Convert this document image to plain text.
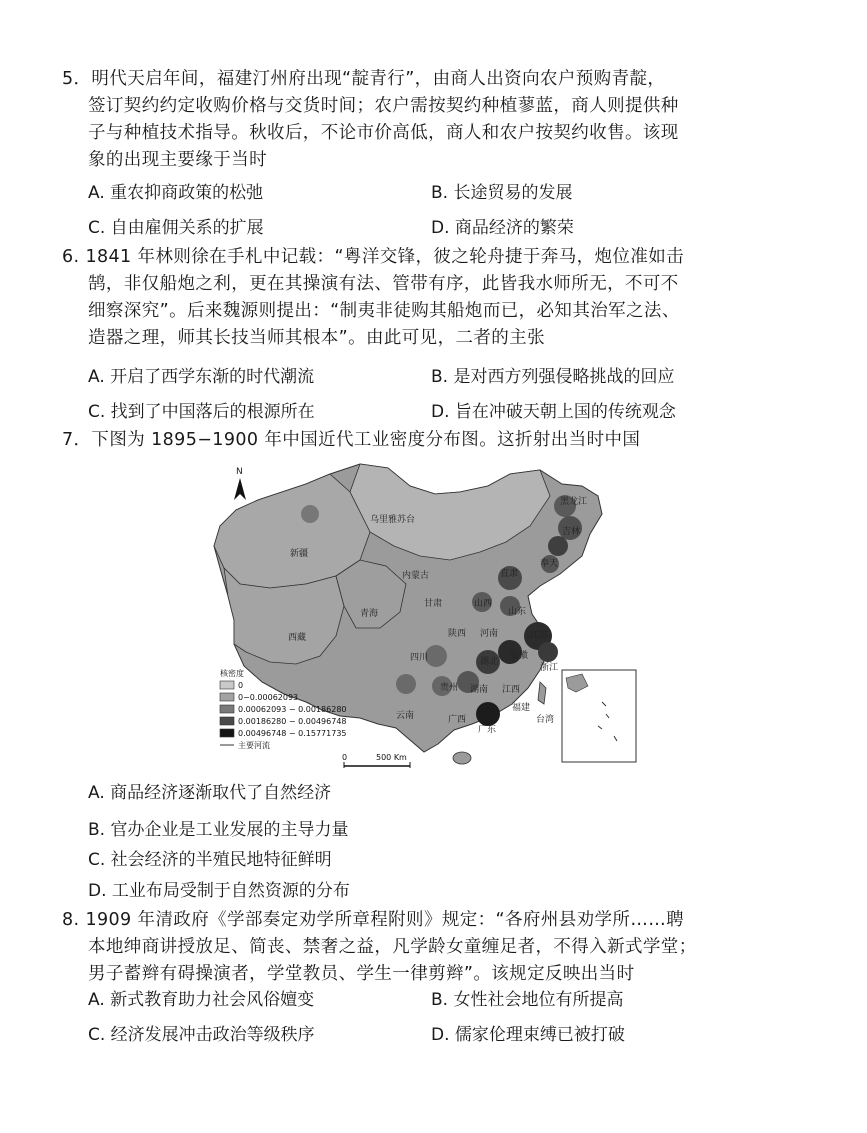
5．明代天启年间，福建汀州府出现“靛青行”，由商人出资向农户预购青靛，
签订契约约定收购价格与交货时间；农户需按契约种植蓼蓝，商人则提供种
子与种植技术指导。秋收后，不论市价高低，商人和农户按契约收售。该现
象的出现主要缘于当时
A. 重农抑商政策的松弛	B. 长途贸易的发展
C. 自由雇佣关系的扩展	D. 商品经济的繁荣
6. 1841 年林则徐在手札中记载：“粤洋交锋，彼之轮舟捷于奔马，炮位准如击
鹄，非仅船炮之利，更在其操演有法、管带有序，此皆我水师所无，不可不
细察深究”。后来魏源则提出：“制夷非徒购其船炮而已，必知其治军之法、
造器之理，师其长技当师其根本”。由此可见，二者的主张
A. 开启了西学东渐的时代潮流	B. 是对西方列强侵略挑战的回应
C. 找到了中国落后的根源所在	D. 旨在冲破天朝上国的传统观念
7．下图为 1895−1900 年中国近代工业密度分布图。这折射出当时中国
N
黑龙江
吉林
乌里雅苏台
新疆
内蒙古
奉天
直隶
山西
山东
甘肃
青海
陕西 河南
西藏
四川	湖北
安徽
江苏
浙江
贵州 湖南 江西
云南	广西
福建
台湾
广东
核密度
0
0−0.00062093
0.00062093 − 0.00186280
0.00186280 − 0.00496748
0.00496748 − 0.15771735
主要河流
0	500 Km
A. 商品经济逐渐取代了自然经济
B. 官办企业是工业发展的主导力量
C. 社会经济的半殖民地特征鲜明
D. 工业布局受制于自然资源的分布
8. 1909 年清政府《学部奏定劝学所章程附则》规定：“各府州县劝学所……聘
本地绅商讲授放足、简丧、禁奢之益，凡学龄女童缠足者，不得入新式学堂；
男子蓄辫有碍操演者，学堂教员、学生一律剪辫”。该规定反映出当时
A. 新式教育助力社会风俗嬗变	B. 女性社会地位有所提高
C. 经济发展冲击政治等级秩序	D. 儒家伦理束缚已被打破
